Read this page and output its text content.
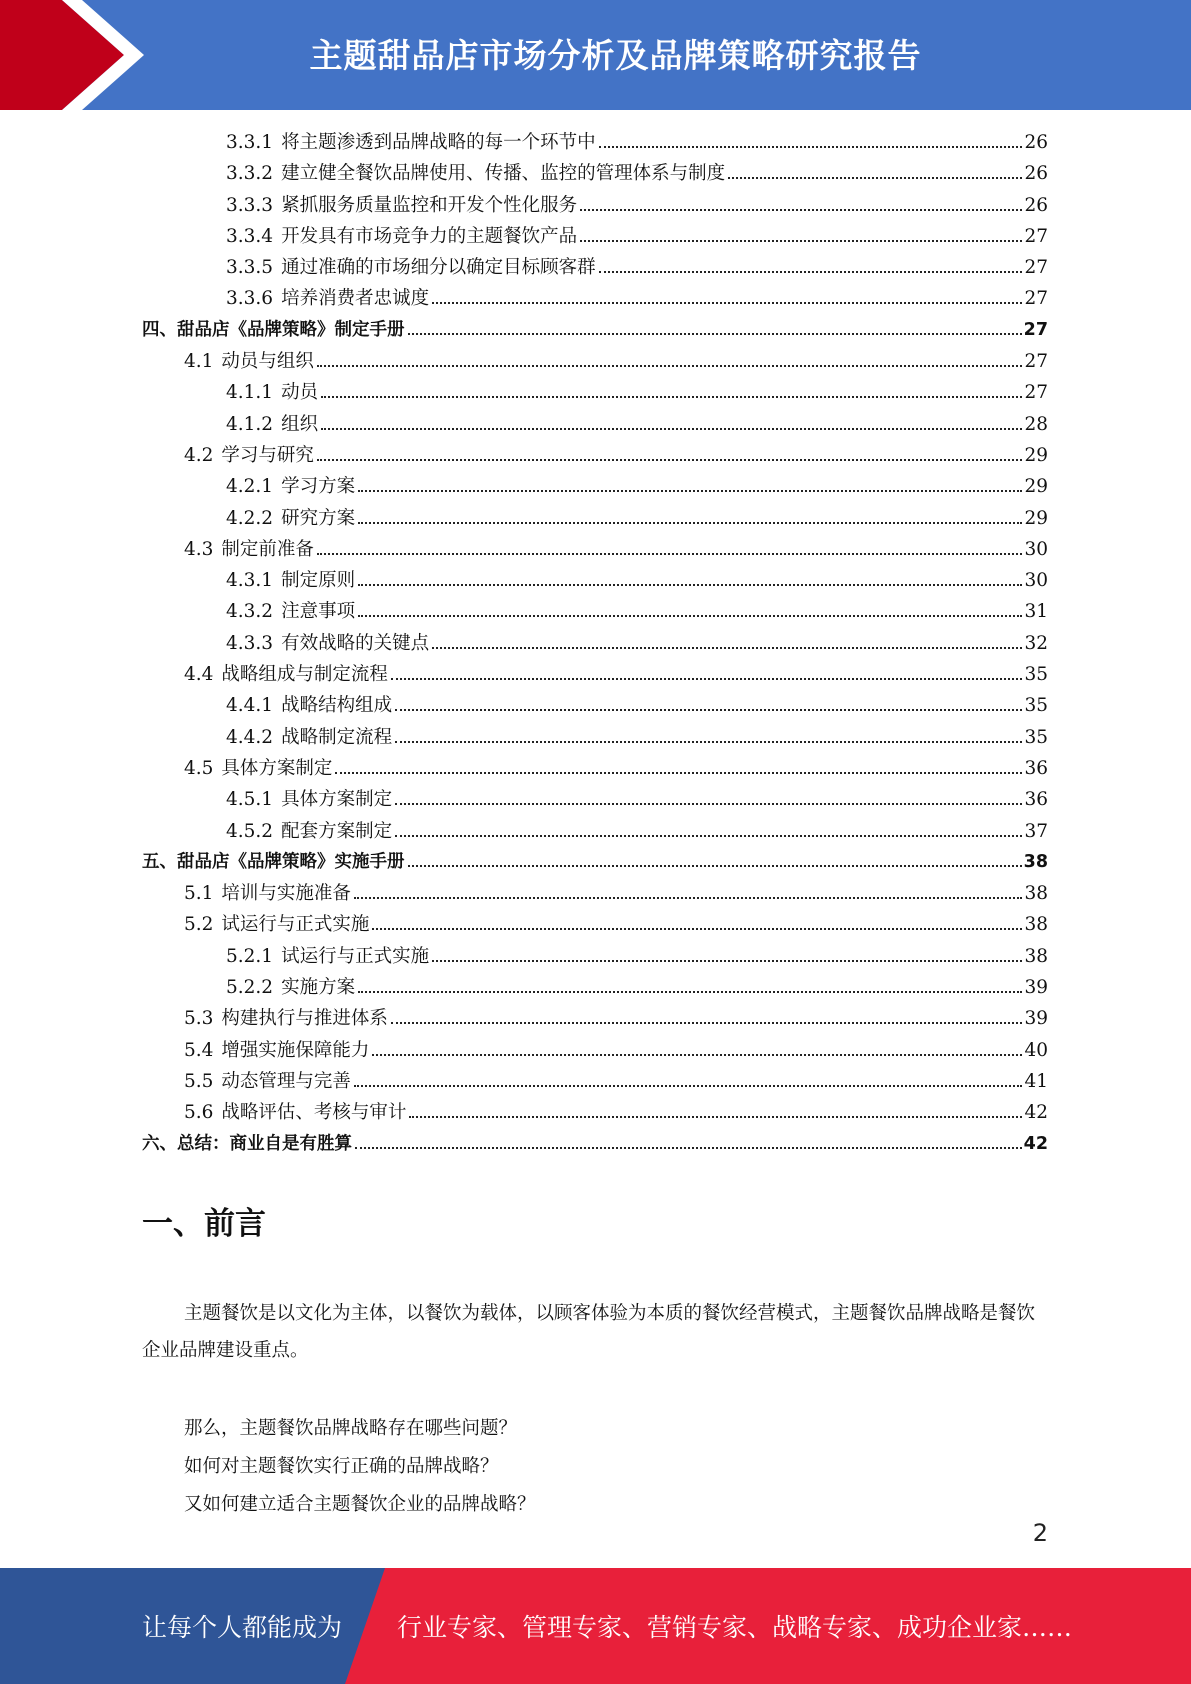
主题甜品店市场分析及品牌策略研究报告
3.3.1 将主题渗透到品牌战略的每一个环节中	26
3.3.2 建立健全餐饮品牌使用、传播、监控的管理体系与制度	26
3.3.3 紧抓服务质量监控和开发个性化服务	26
3.3.4 开发具有市场竞争力的主题餐饮产品	27
3.3.5 通过准确的市场细分以确定目标顾客群	27
3.3.6 培养消费者忠诚度	27
四、 甜品店《品牌策略》制定手册	27
4.1 动员与组织	27
4.1.1 动员	27
4.1.2 组织	28
4.2 学习与研究	29
4.2.1 学习方案	29
4.2.2 研究方案	29
4.3 制定前准备	30
4.3.1 制定原则	30
4.3.2 注意事项	31
4.3.3 有效战略的关键点	32
4.4 战略组成与制定流程	35
4.4.1 战略结构组成	35
4.4.2 战略制定流程	35
4.5 具体方案制定	36
4.5.1 具体方案制定	36
4.5.2 配套方案制定	37
五、 甜品店《品牌策略》实施手册	38
5.1 培训与实施准备	38
5.2 试运行与正式实施	38
5.2.1 试运行与正式实施	38
5.2.2 实施方案	39
5.3 构建执行与推进体系	39
5.4 增强实施保障能力	40
5.5 动态管理与完善	41
5.6 战略评估、考核与审计	42
六、 总结：商业自是有胜算	42
一、前言

主题餐饮是以文化为主体，以餐饮为载体，以顾客体验为本质的餐饮经营模式，主题餐饮品牌战略是餐饮企业品牌建设重点。

那么，主题餐饮品牌战略存在哪些问题？

如何对主题餐饮实行正确的品牌战略？

又如何建立适合主题餐饮企业的品牌战略？

2
让每个人都能成为 行业专家、管理专家、营销专家、战略专家、成功企业家……
